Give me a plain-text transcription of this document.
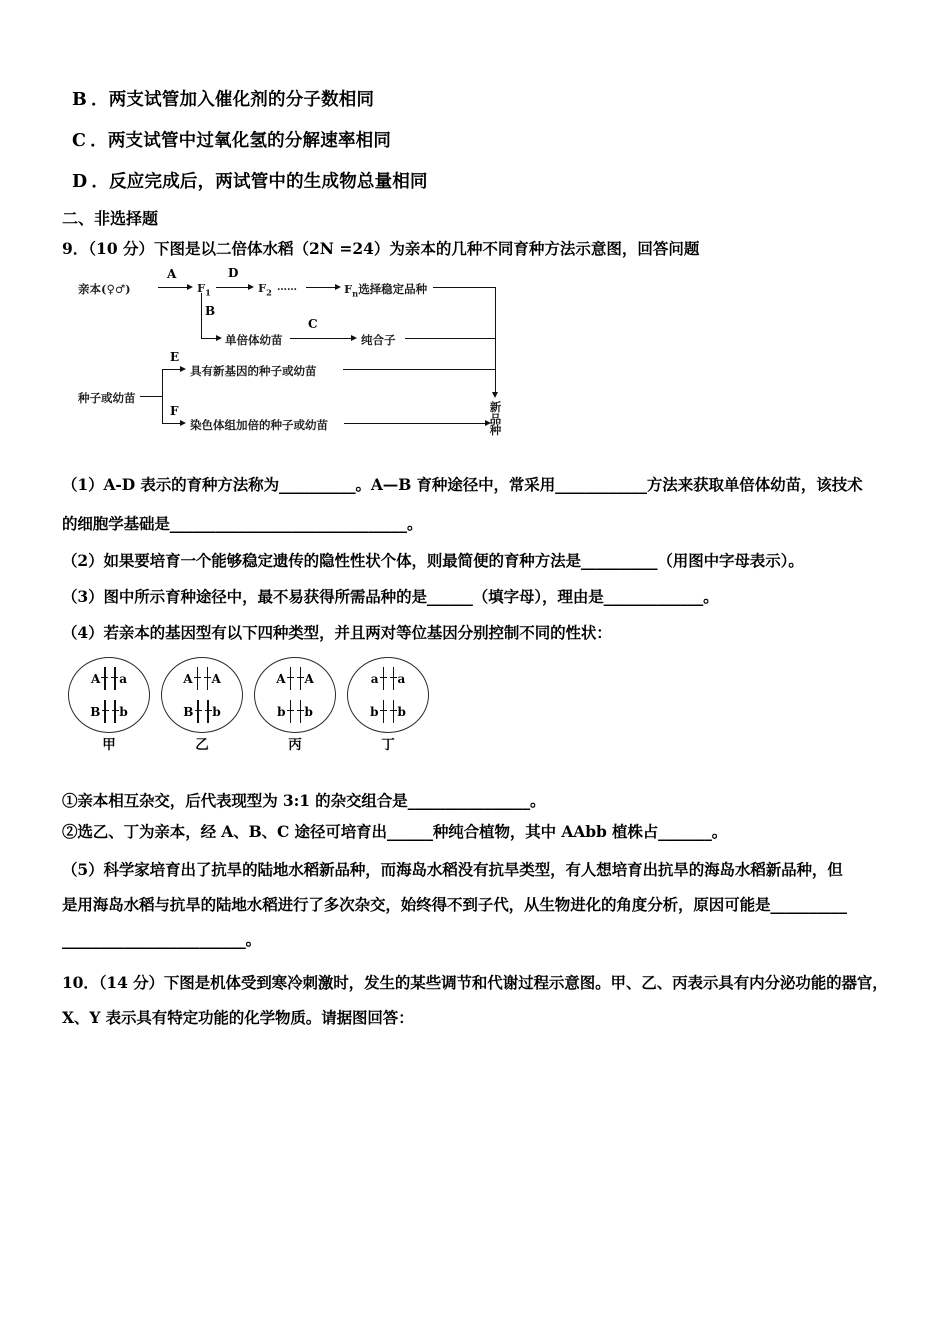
B ．两支试管加入催化剂的分子数相同
C ．两支试管中过氧化氢的分解速率相同
D ．反应完成后，两试管中的生成物总量相同
二、非选择题
9．（10 分）下图是以二倍体水稻（2N =24）为亲本的几种不同育种方法示意图，回答问题
亲本(♀♂)
A
$F_1$
D
$F_2$ ……	$F_n$选择稳定品种
B
单倍体幼苗
C
纯合子
种子或幼苗
E
具有新基因的种子或幼苗
F
染色体组加倍的种子或幼苗
新品种
（1）A-D 表示的育种方法称为__________。A—B 育种途径中，常采用____________方法来获取单倍体幼苗，该技术
的细胞学基础是_______________________________。
（2）如果要培育一个能够稳定遗传的隐性性状个体，则最简便的育种方法是__________（用图中字母表示）。
（3）图中所示育种途径中，最不易获得所需品种的是______（填字母），理由是_____________。
（4）若亲本的基因型有以下四种类型，并且两对等位基因分别控制不同的性状：
A a
B b
甲
A A
B b
乙
A A
b b
丙
a a
b b
丁
①亲本相互杂交，后代表现型为 3:1 的杂交组合是________________。
②选乙、丁为亲本，经 A、B、C 途径可培育出______种纯合植物，其中 AAbb 植株占_______。
（5）科学家培育出了抗旱的陆地水稻新品种，而海岛水稻没有抗旱类型，有人想培育出抗旱的海岛水稻新品种，但
是用海岛水稻与抗旱的陆地水稻进行了多次杂交，始终得不到子代，从生物进化的角度分析，原因可能是__________
________________________。
10．（14 分）下图是机体受到寒冷刺激时，发生的某些调节和代谢过程示意图。甲、乙、丙表示具有内分泌功能的器官，
X、Y 表示具有特定功能的化学物质。请据图回答：
